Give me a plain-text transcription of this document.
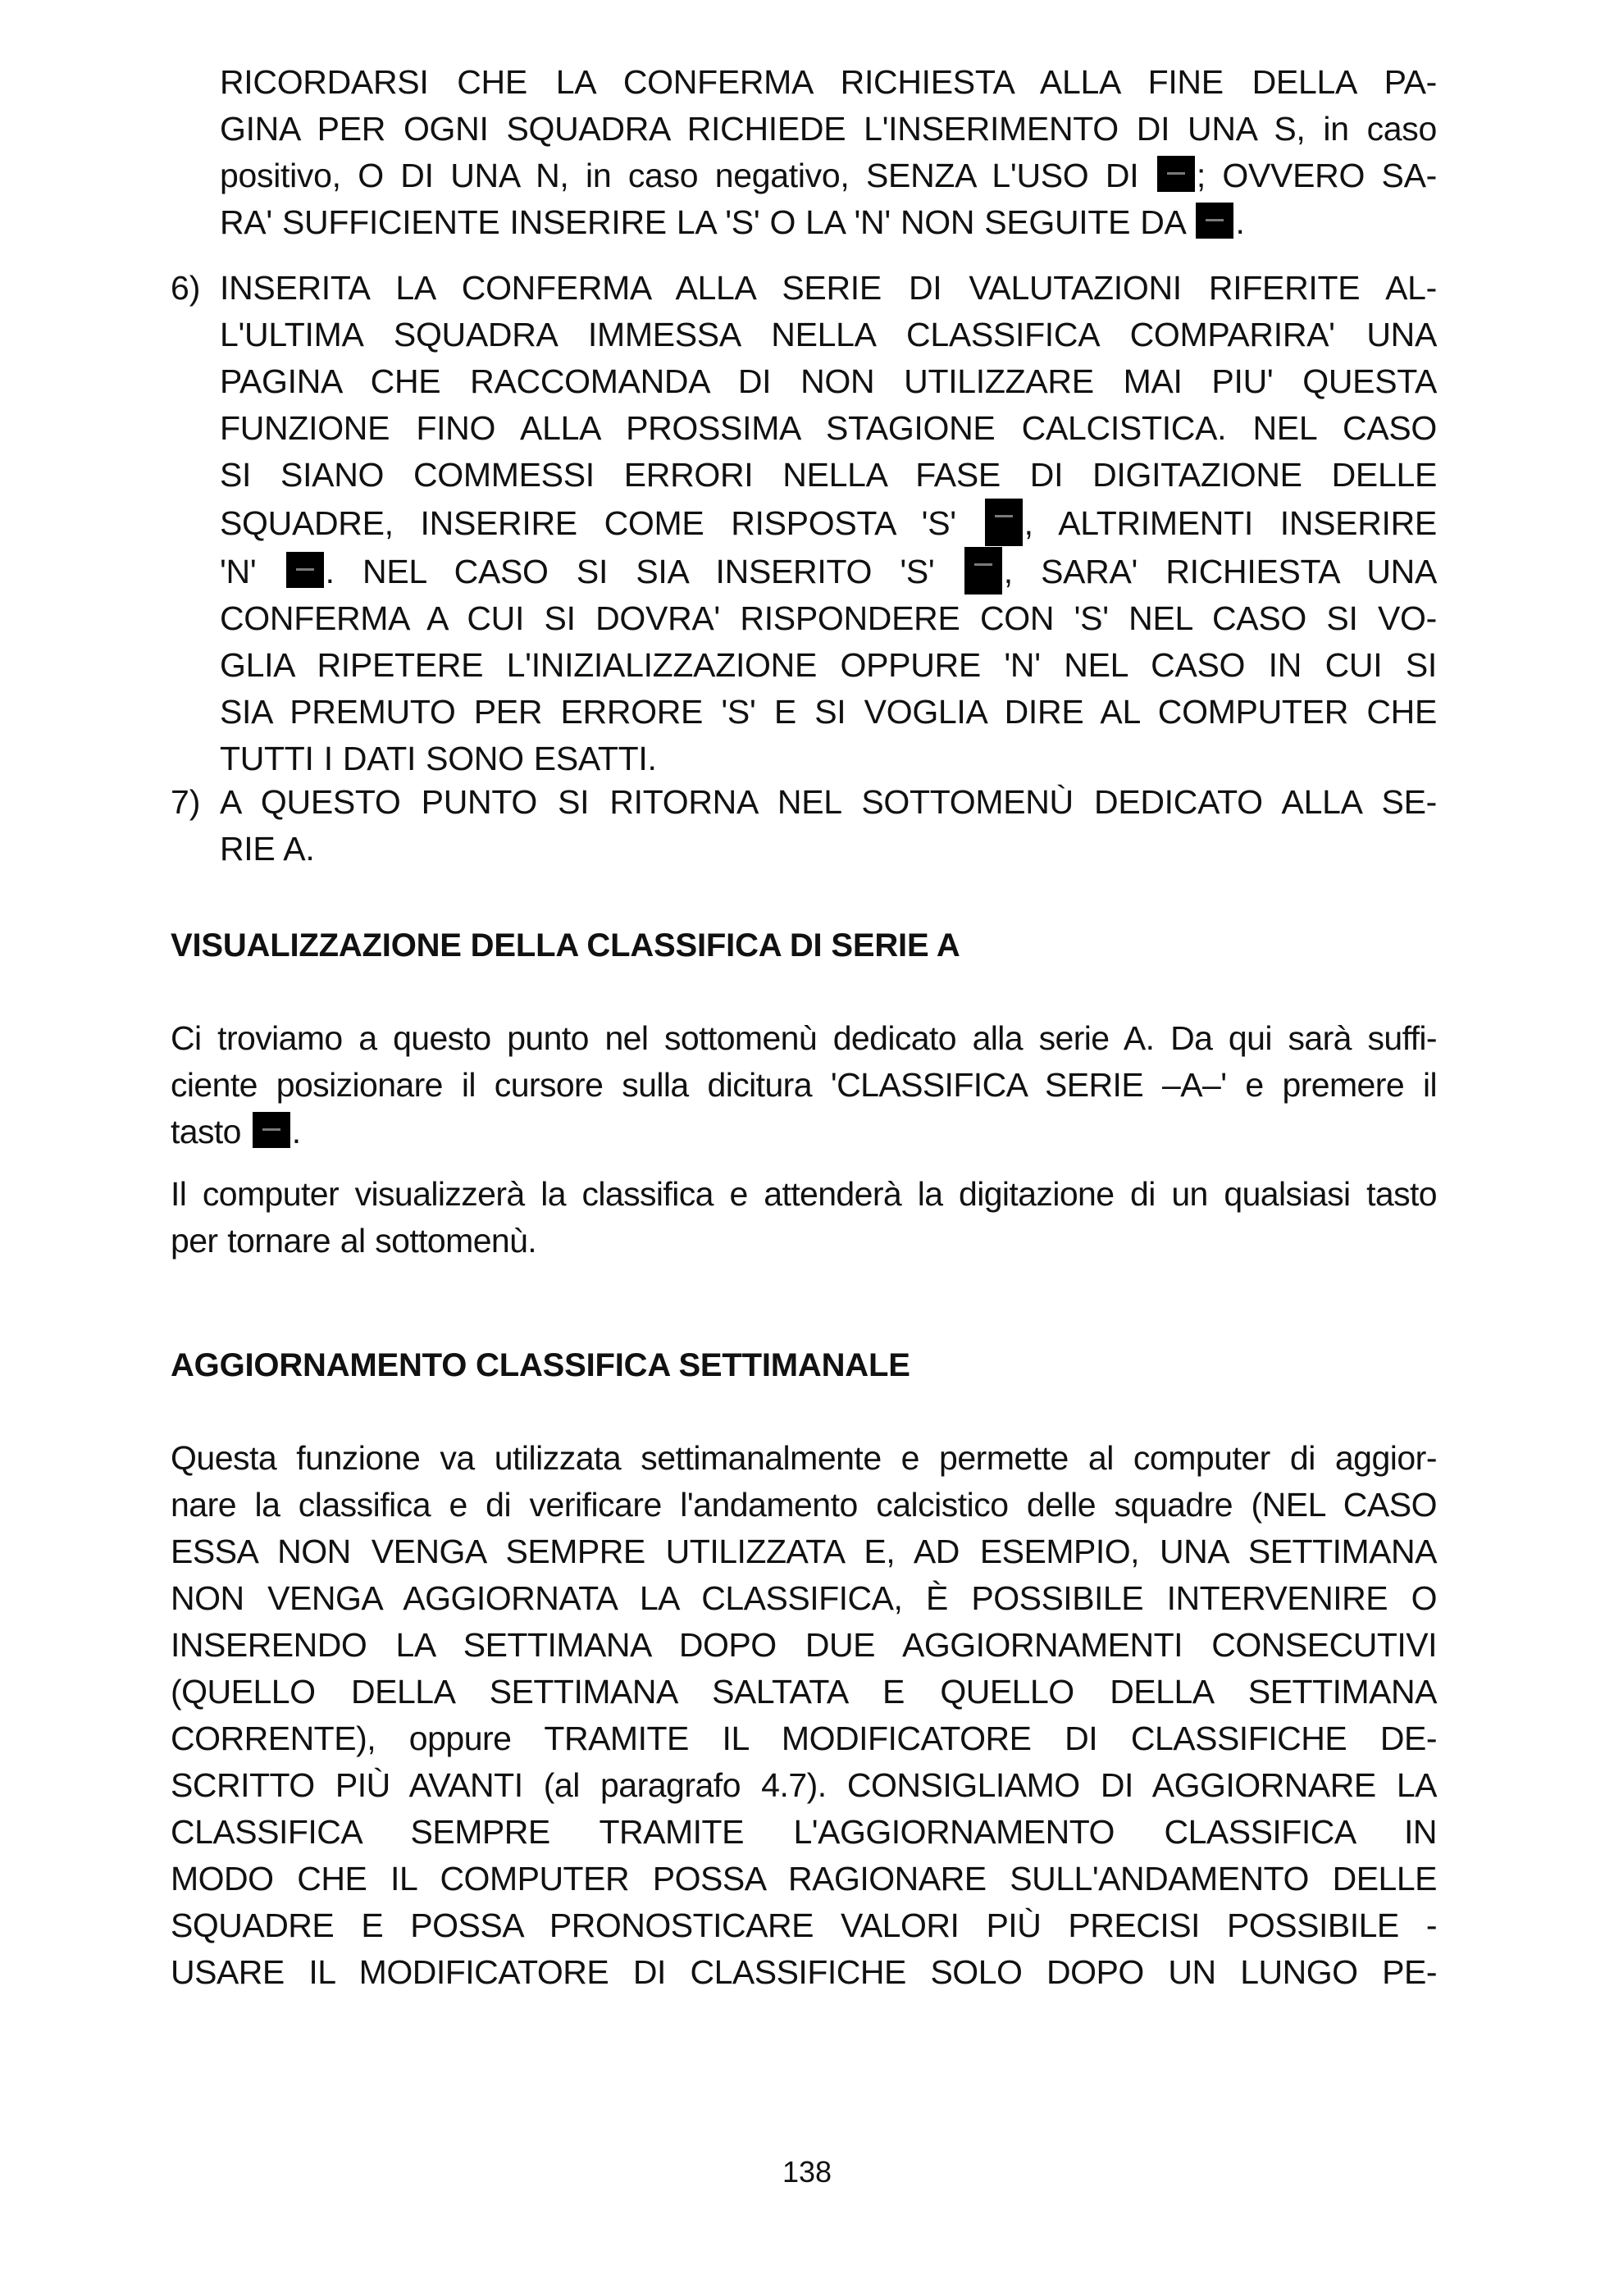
RICORDARSI CHE LA CONFERMA RICHIESTA ALLA FINE DELLA PA-
GINA PER OGNI SQUADRA RICHIEDE L'INSERIMENTO DI UNA S, in caso
positivo, O DI UNA N, in caso negativo, SENZA L'USO DI ; OVVERO SA-
RA' SUFFICIENTE INSERIRE LA 'S' O LA 'N' NON SEGUITE DA .
6) INSERITA LA CONFERMA ALLA SERIE DI VALUTAZIONI RIFERITE AL-
L'ULTIMA SQUADRA IMMESSA NELLA CLASSIFICA COMPARIRA' UNA
PAGINA CHE RACCOMANDA DI NON UTILIZZARE MAI PIU' QUESTA
FUNZIONE FINO ALLA PROSSIMA STAGIONE CALCISTICA. NEL CASO
SI SIANO COMMESSI ERRORI NELLA FASE DI DIGITAZIONE DELLE
SQUADRE, INSERIRE COME RISPOSTA 'S' , ALTRIMENTI INSERIRE
'N' . NEL CASO SI SIA INSERITO 'S' , SARA' RICHIESTA UNA
CONFERMA A CUI SI DOVRA' RISPONDERE CON 'S' NEL CASO SI VO-
GLIA RIPETERE L'INIZIALIZZAZIONE OPPURE 'N' NEL CASO IN CUI SI
SIA PREMUTO PER ERRORE 'S' E SI VOGLIA DIRE AL COMPUTER CHE
TUTTI I DATI SONO ESATTI.
7) A QUESTO PUNTO SI RITORNA NEL SOTTOMENÙ DEDICATO ALLA SE-
RIE A.
VISUALIZZAZIONE DELLA CLASSIFICA DI SERIE A
Ci troviamo a questo punto nel sottomenù dedicato alla serie A. Da qui sarà suffi-
ciente posizionare il cursore sulla dicitura 'CLASSIFICA SERIE –A–' e premere il
tasto .
Il computer visualizzerà la classifica e attenderà la digitazione di un qualsiasi tasto
per tornare al sottomenù.
AGGIORNAMENTO CLASSIFICA SETTIMANALE
Questa funzione va utilizzata settimanalmente e permette al computer di aggior-
nare la classifica e di verificare l'andamento calcistico delle squadre (NEL CASO
ESSA NON VENGA SEMPRE UTILIZZATA E, AD ESEMPIO, UNA SETTIMANA
NON VENGA AGGIORNATA LA CLASSIFICA, È POSSIBILE INTERVENIRE O
INSERENDO LA SETTIMANA DOPO DUE AGGIORNAMENTI CONSECUTIVI
(QUELLO DELLA SETTIMANA SALTATA E QUELLO DELLA SETTIMANA
CORRENTE), oppure TRAMITE IL MODIFICATORE DI CLASSIFICHE DE-
SCRITTO PIÙ AVANTI (al paragrafo 4.7). CONSIGLIAMO DI AGGIORNARE LA
CLASSIFICA SEMPRE TRAMITE L'AGGIORNAMENTO CLASSIFICA IN
MODO CHE IL COMPUTER POSSA RAGIONARE SULL'ANDAMENTO DELLE
SQUADRE E POSSA PRONOSTICARE VALORI PIÙ PRECISI POSSIBILE -
USARE IL MODIFICATORE DI CLASSIFICHE SOLO DOPO UN LUNGO PE-
138
